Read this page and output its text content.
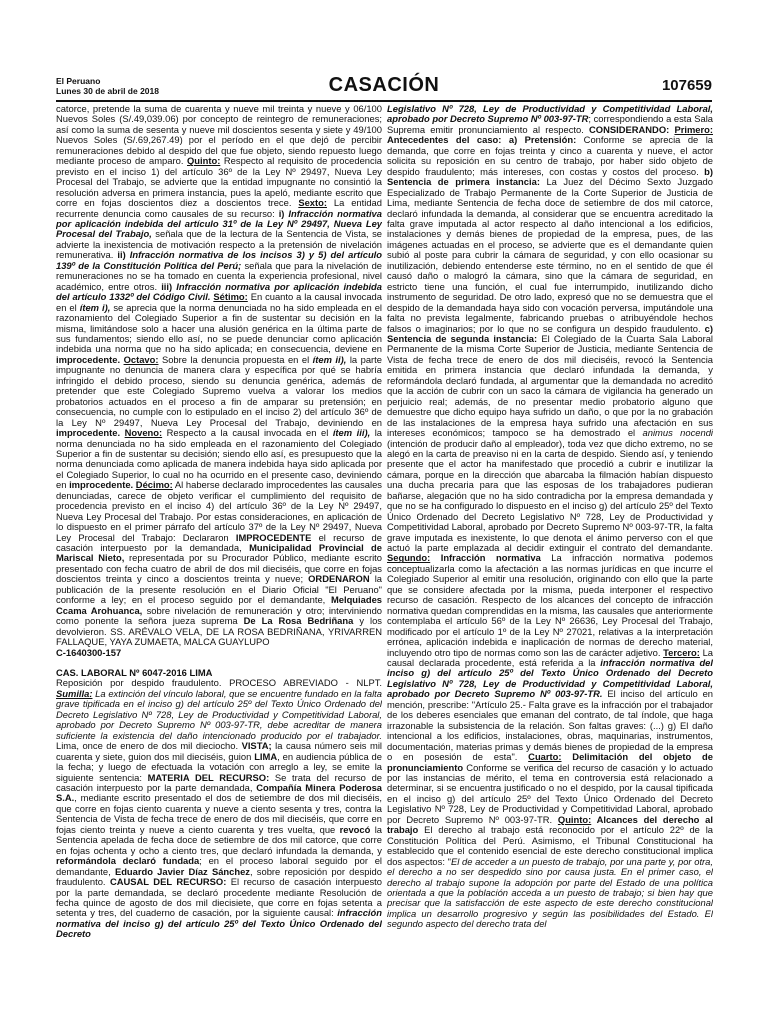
El Peruano
Lunes 30 de abril de 2018	CASACIÓN	107659

catorce, pretende la suma de cuarenta y nueve mil treinta y nueve y 06/100 Nuevos Soles (S/.49,039.06) por concepto de reintegro de remuneraciones; así como la suma de sesenta y nueve mil doscientos sesenta y siete y 49/100 Nuevos Soles (S/.69,267.49) por el período en el que dejó de percibir remuneraciones debido al despido del que fue objeto, siendo repuesto luego mediante proceso de amparo. Quinto: Respecto al requisito de procedencia previsto en el inciso 1) del artículo 36º de la Ley Nº 29497, Nueva Ley Procesal del Trabajo, se advierte que la entidad impugnante no consintió la resolución adversa en primera instancia, pues la apeló, mediante escrito que corre en fojas doscientos diez a doscientos trece. Sexto: La entidad recurrente denuncia como causales de su recurso: i) Infracción normativa por aplicación indebida del artículo 31º de la Ley Nº 29497, Nueva Ley Procesal del Trabajo, señala que de la lectura de la Sentencia de Vista, se advierte la inexistencia de motivación respecto a la pretensión de nivelación remunerativa. ii) Infracción normativa de los incisos 3) y 5) del artículo 139º de la Constitución Política del Perú; señala que para la nivelación de remuneraciones no se ha tomado en cuenta la experiencia profesional, nivel académico, entre otros. iii) Infracción normativa por aplicación indebida del artículo 1332º del Código Civil. Sétimo: En cuanto a la causal invocada en el ítem i), se aprecia que la norma denunciada no ha sido empleada en el razonamiento del Colegiado Superior a fin de sustentar su decisión en la misma, limitándose solo a hacer una alusión genérica en la última parte de sus fundamentos; siendo ello así, no se puede denunciar como aplicación indebida una norma que no ha sido aplicada; en consecuencia, deviene en improcedente. Octavo: Sobre la denuncia propuesta en el ítem ii), la parte impugnante no denuncia de manera clara y específica por qué se habría infringido el debido proceso, siendo su denuncia genérica, además de pretender que este Colegiado Supremo vuelva a valorar los medios probatorios actuados en el proceso a fin de amparar su pretensión; en consecuencia, no cumple con lo estipulado en el inciso 2) del artículo 36º de la Ley Nº 29497, Nueva Ley Procesal del Trabajo, deviniendo en improcedente. Noveno: Respecto a la causal invocada en el ítem iii), la norma denunciada no ha sido empleada en el razonamiento del Colegiado Superior a fin de sustentar su decisión; siendo ello así, es presupuesto que la norma denunciada como aplicada de manera indebida haya sido aplicada por el Colegiado Superior, lo cual no ha ocurrido en el presente caso, deviniendo en improcedente. Décimo: Al haberse declarado improcedentes las causales denunciadas, carece de objeto verificar el cumplimiento del requisito de procedencia previsto en el inciso 4) del artículo 36º de la Ley Nº 29497, Nueva Ley Procesal del Trabajo. Por estas consideraciones, en aplicación de lo dispuesto en el primer párrafo del artículo 37º de la Ley Nº 29497, Nueva Ley Procesal del Trabajo: Declararon IMPROCEDENTE el recurso de casación interpuesto por la demandada, Municipalidad Provincial de Mariscal Nieto, representada por su Procurador Público, mediante escrito presentado con fecha cuatro de abril de dos mil dieciséis, que corre en fojas doscientos treinta y cinco a doscientos treinta y nueve; ORDENARON la publicación de la presente resolución en el Diario Oficial "El Peruano" conforme a ley; en el proceso seguido por el demandante, Melquiades Ccama Arohuanca, sobre nivelación de remuneración y otro; interviniendo como ponente la señora jueza suprema De La Rosa Bedriñana y los devolvieron. SS. ARÉVALO VELA, DE LA ROSA BEDRIÑANA, YRIVARREN FALLAQUE, YAYA ZUMAETA, MALCA GUAYLUPO

C-1640300-157

CAS. LABORAL Nº 6047-2016 LIMA

Reposición por despido fraudulento. PROCESO ABREVIADO - NLPT. Sumilla: La extinción del vínculo laboral, que se encuentre fundado en la falta grave tipificada en el inciso g) del artículo 25º del Texto Único Ordenado del Decreto Legislativo Nº 728, Ley de Productividad y Competitividad Laboral, aprobado por Decreto Supremo Nº 003-97-TR, debe acreditar de manera suficiente la existencia del daño intencionado producido por el trabajador. Lima, once de enero de dos mil dieciocho. VISTA; la causa número seis mil cuarenta y siete, guion dos mil dieciséis, guion LIMA, en audiencia pública de la fecha; y luego de efectuada la votación con arreglo a ley, se emite la siguiente sentencia: MATERIA DEL RECURSO: Se trata del recurso de casación interpuesto por la parte demandada, Compañía Minera Poderosa S.A., mediante escrito presentado el dos de setiembre de dos mil dieciséis, que corre en fojas ciento cuarenta y nueve a ciento sesenta y tres, contra la Sentencia de Vista de fecha trece de enero de dos mil dieciséis, que corre en fojas ciento treinta y nueve a ciento cuarenta y tres vuelta, que revocó la Sentencia apelada de fecha doce de setiembre de dos mil catorce, que corre en fojas ochenta y ocho a ciento tres, que declaró infundada la demanda, y reformándola declaró fundada; en el proceso laboral seguido por el demandante, Eduardo Javier Díaz Sánchez, sobre reposición por despido fraudulento. CAUSAL DEL RECURSO: El recurso de casación interpuesto por la parte demandada, se declaró procedente mediante Resolución de fecha quince de agosto de dos mil diecisiete, que corre en fojas setenta a setenta y tres, del cuaderno de casación, por la siguiente causal: infracción normativa del inciso g) del artículo 25º del Texto Único Ordenado del Decreto

Legislativo Nº 728, Ley de Productividad y Competitividad Laboral, aprobado por Decreto Supremo Nº 003-97-TR; correspondiendo a esta Sala Suprema emitir pronunciamiento al respecto. CONSIDERANDO: Primero: Antecedentes del caso: a) Pretensión: Conforme se aprecia de la demanda, que corre en fojas treinta y cinco a cuarenta y nueve, el actor solicita su reposición en su centro de trabajo, por haber sido objeto de despido fraudulento; más intereses, con costas y costos del proceso. b) Sentencia de primera instancia: La Juez del Décimo Sexto Juzgado Especializado de Trabajo Permanente de la Corte Superior de Justicia de Lima, mediante Sentencia de fecha doce de setiembre de dos mil catorce, declaró infundada la demanda, al considerar que se encuentra acreditado la falta grave imputada al actor respecto al daño intencional a los edificios, instalaciones y demás bienes de propiedad de la empresa, pues, de las imágenes actuadas en el proceso, se advierte que es el demandante quien subió al poste para cubrir la cámara de seguridad, y con ello ocasionar su inutilización, debiendo entenderse este término, no en el sentido de que él causó daño o malogró la cámara, sino que la cámara de seguridad, en estricto tiene una función, el cual fue interrumpido, inutilizando dicho instrumento de seguridad. De otro lado, expresó que no se demuestra que el despido de la demandada haya sido con vocación perversa, imputándole una falta no prevista legalmente, fabricando pruebas o atribuyéndole hechos falsos o imaginarios; por lo que no se configura un despido fraudulento. c) Sentencia de segunda instancia: El Colegiado de la Cuarta Sala Laboral Permanente de la misma Corte Superior de Justicia, mediante Sentencia de Vista de fecha trece de enero de dos mil dieciséis, revocó la Sentencia emitida en primera instancia que declaró infundada la demanda, y reformándola declaró fundada, al argumentar que la demandada no acreditó que la acción de cubrir con un saco la cámara de vigilancia ha generado un perjuicio real; además, de no presentar medio probatorio alguno que demuestre que dicho equipo haya sufrido un daño, o que por la no grabación de las instalaciones de la empresa haya sufrido una afectación en sus intereses económicos; tampoco se ha demostrado el animus nocendi (intención de producir daño al empleador), toda vez que dicho extremo, no se alegó en la carta de preaviso ni en la carta de despido. Siendo así, y teniendo presente que el actor ha manifestado que procedió a cubrir e inutilizar la cámara, porque en la dirección que abarcaba la filmación habían dispuesto una ducha precaria para que las esposas de los trabajadores pudieran bañarse, alegación que no ha sido contradicha por la empresa demandada y que no se ha configurado lo dispuesto en el inciso g) del artículo 25º del Texto Único Ordenado del Decreto Legislativo Nº 728, Ley de Productividad y Competitividad Laboral, aprobado por Decreto Supremo Nº 003-97-TR, la falta grave imputada es inexistente, lo que denota el ánimo perverso con el que actuó la parte emplazada al decidir extinguir el contrato del demandante. Segundo: Infracción normativa La infracción normativa podemos conceptualizarla como la afectación a las normas jurídicas en que incurre el Colegiado Superior al emitir una resolución, originando con ello que la parte que se considere afectada por la misma, pueda interponer el respectivo recurso de casación. Respecto de los alcances del concepto de infracción normativa quedan comprendidas en la misma, las causales que anteriormente contemplaba el artículo 56º de la Ley Nº 26636, Ley Procesal del Trabajo, modificado por el artículo 1º de la Ley Nº 27021, relativas a la interpretación errónea, aplicación indebida e inaplicación de normas de derecho material, incluyendo otro tipo de normas como son las de carácter adjetivo. Tercero: La causal declarada procedente, está referida a la infracción normativa del inciso g) del artículo 25º del Texto Único Ordenado del Decreto Legislativo Nº 728, Ley de Productividad y Competitividad Laboral, aprobado por Decreto Supremo Nº 003-97-TR. El inciso del artículo en mención, prescribe: "Artículo 25.- Falta grave es la infracción por el trabajador de los deberes esenciales que emanan del contrato, de tal índole, que haga irrazonable la subsistencia de la relación. Son faltas graves: (...) g) El daño intencional a los edificios, instalaciones, obras, maquinarias, instrumentos, documentación, materias primas y demás bienes de propiedad de la empresa o en posesión de esta". Cuarto: Delimitación del objeto de pronunciamiento Conforme se verifica del recurso de casación y lo actuado por las instancias de mérito, el tema en controversia está relacionado a determinar, si se encuentra justificado o no el despido, por la causal tipificada en el inciso g) del artículo 25º del Texto Único Ordenado del Decreto Legislativo Nº 728, Ley de Productividad y Competitividad Laboral, aprobado por Decreto Supremo Nº 003-97-TR. Quinto: Alcances del derecho al trabajo El derecho al trabajo está reconocido por el artículo 22º de la Constitución Política del Perú. Asimismo, el Tribunal Constitucional ha establecido que el contenido esencial de este derecho constitucional implica dos aspectos: "El de acceder a un puesto de trabajo, por una parte y, por otra, el derecho a no ser despedido sino por causa justa. En el primer caso, el derecho al trabajo supone la adopción por parte del Estado de una política orientada a que la población acceda a un puesto de trabajo; si bien hay que precisar que la satisfacción de este aspecto de este derecho constitucional implica un desarrollo progresivo y según las posibilidades del Estado. El segundo aspecto del derecho trata del
